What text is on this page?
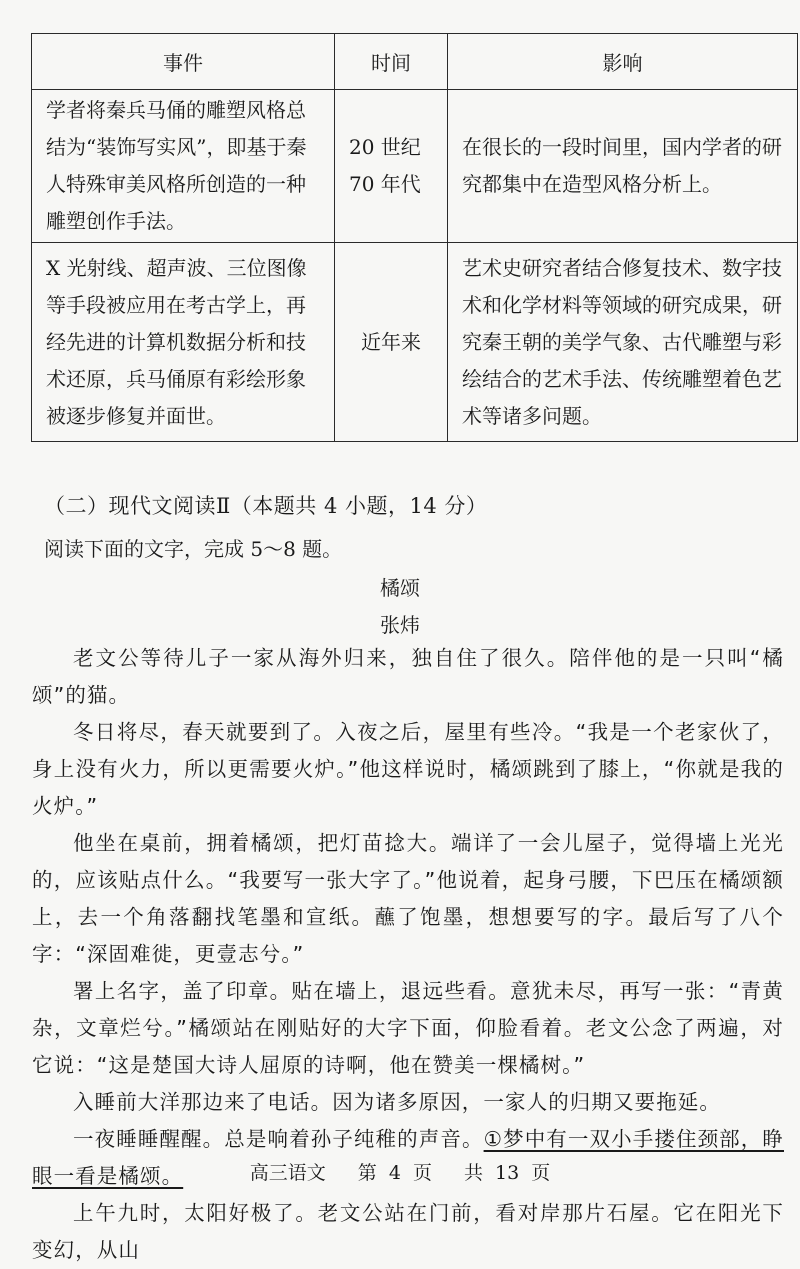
事件	时间	影响
学者将秦兵马俑的雕塑风格总结为“装饰写实风”，即基于秦人特殊审美风格所创造的一种雕塑创作手法。	20 世纪 70 年代	在很长的一段时间里，国内学者的研究都集中在造型风格分析上。
X 光射线、超声波、三位图像等手段被应用在考古学上，再经先进的计算机数据分析和技术还原，兵马俑原有彩绘形象被逐步修复并面世。	近年来	艺术史研究者结合修复技术、数字技术和化学材料等领域的研究成果，研究秦王朝的美学气象、古代雕塑与彩绘结合的艺术手法、传统雕塑着色艺术等诸多问题。
（二）现代文阅读Ⅱ（本题共 4 小题，14 分）
阅读下面的文字，完成 5～8 题。
橘颂
张炜

老文公等待儿子一家从海外归来，独自住了很久。陪伴他的是一只叫“橘颂”的猫。

冬日将尽，春天就要到了。入夜之后，屋里有些冷。“我是一个老家伙了，身上没有火力，所以更需要火炉。”他这样说时，橘颂跳到了膝上，“你就是我的火炉。”

他坐在桌前，拥着橘颂，把灯苗捻大。端详了一会儿屋子，觉得墙上光光的，应该贴点什么。“我要写一张大字了。”他说着，起身弓腰，下巴压在橘颂额上，去一个角落翻找笔墨和宣纸。蘸了饱墨，想想要写的字。最后写了八个字：“深固难徙，更壹志兮。”

署上名字，盖了印章。贴在墙上，退远些看。意犹未尽，再写一张：“青黄杂，文章烂兮。”橘颂站在刚贴好的大字下面，仰脸看着。老文公念了两遍，对它说：“这是楚国大诗人屈原的诗啊，他在赞美一棵橘树。”

入睡前大洋那边来了电话。因为诸多原因，一家人的归期又要拖延。

一夜睡睡醒醒。总是响着孙子纯稚的声音。①梦中有一双小手搂住颈部，睁眼一看是橘颂。

上午九时，太阳好极了。老文公站在门前，看对岸那片石屋。它在阳光下变幻，从山

高三语文 第 4 页 共 13 页
